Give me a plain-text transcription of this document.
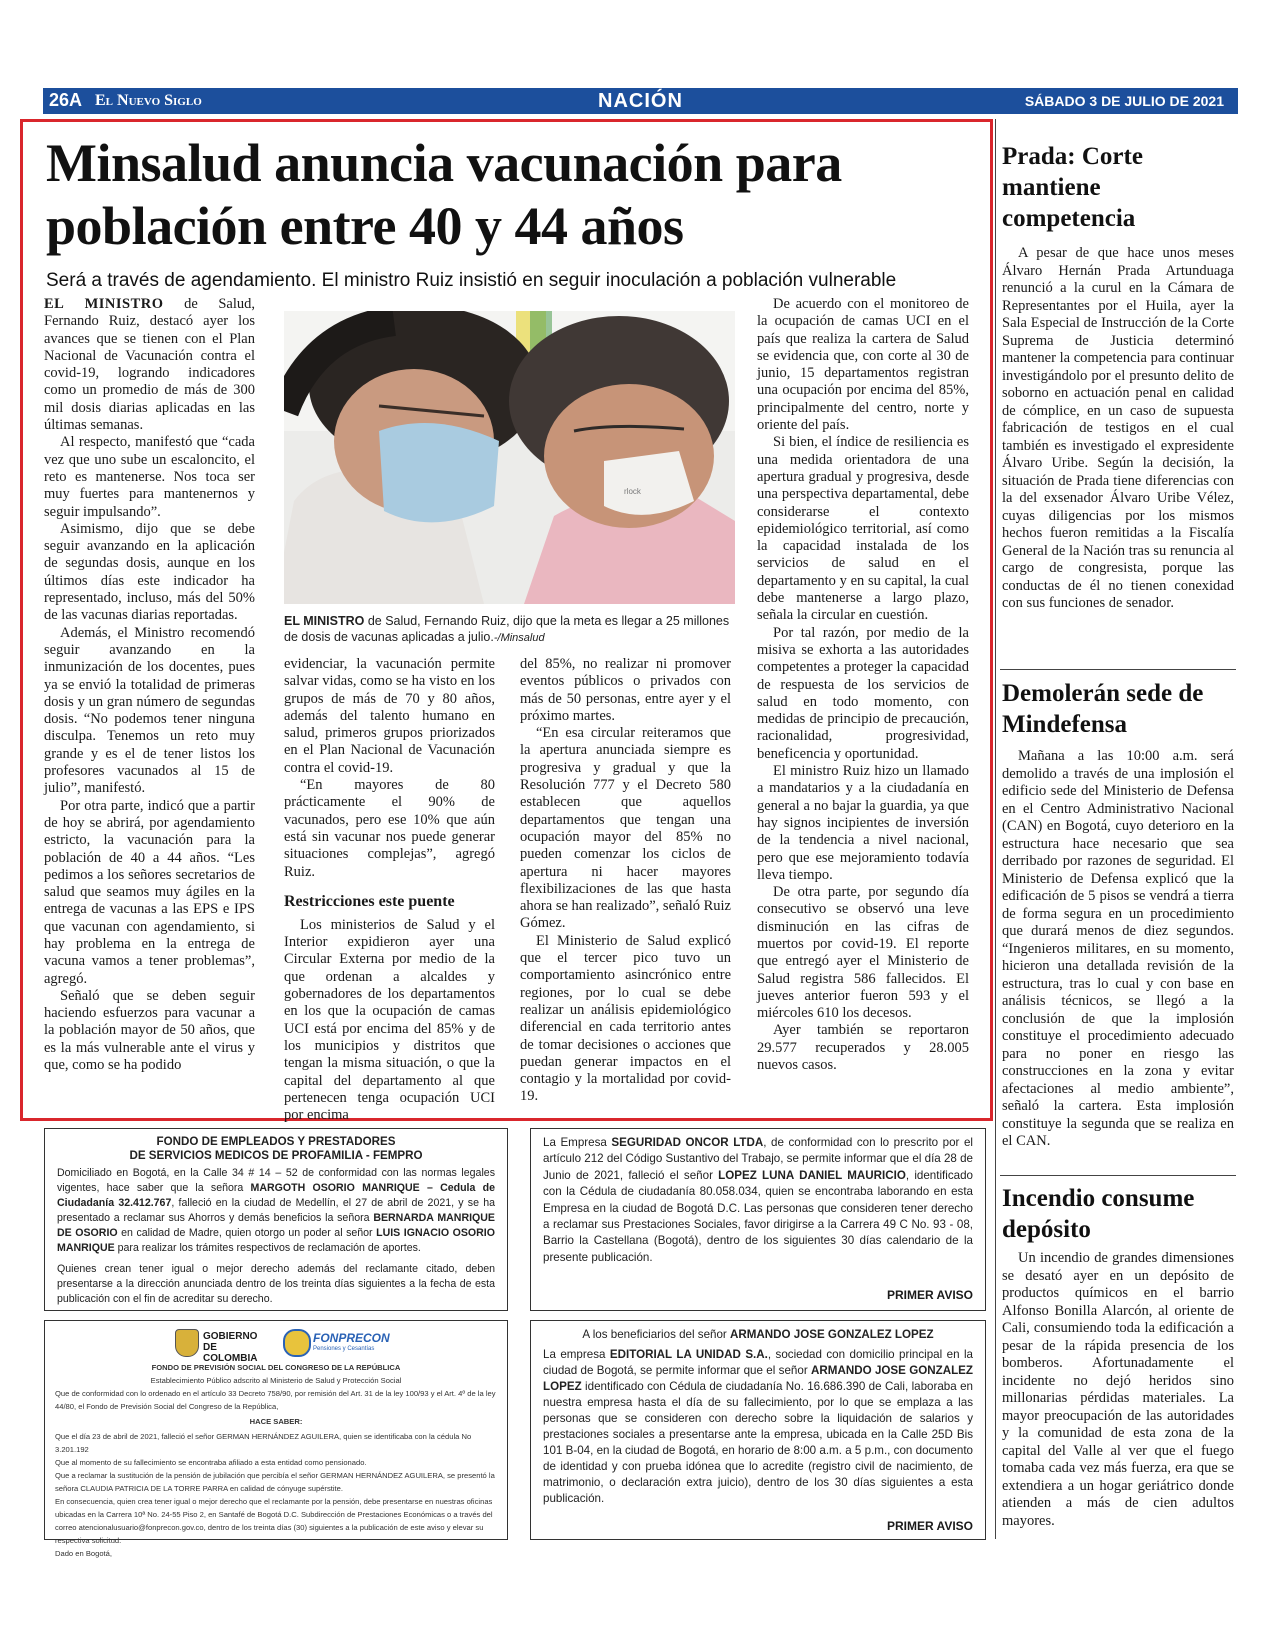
26A El Nuevo Siglo	NACIÓN	SÁBADO 3 DE JULIO DE 2021
Minsalud anuncia vacunación para población entre 40 y 44 años
Será a través de agendamiento. El ministro Ruiz insistió en seguir inoculación a población vulnerable

EL MINISTRO de Salud, Fernando Ruiz, destacó ayer los avances que se tienen con el Plan Nacional de Vacunación contra el covid-19, logrando indicadores como un promedio de más de 300 mil dosis diarias aplicadas en las últimas semanas.

Al respecto, manifestó que “cada vez que uno sube un escaloncito, el reto es mantenerse. Nos toca ser muy fuertes para mantenernos y seguir impulsando”.

Asimismo, dijo que se debe seguir avanzando en la aplicación de segundas dosis, aunque en los últimos días este indicador ha representado, incluso, más del 50% de las vacunas diarias reportadas.

Además, el Ministro recomendó seguir avanzando en la inmunización de los docentes, pues ya se envió la totalidad de primeras dosis y un gran número de segundas dosis. “No podemos tener ninguna disculpa. Tenemos un reto muy grande y es el de tener listos los profesores vacunados al 15 de julio”, manifestó.

Por otra parte, indicó que a partir de hoy se abrirá, por agendamiento estricto, la vacunación para la población de 40 a 44 años. “Les pedimos a los señores secretarios de salud que seamos muy ágiles en la entrega de vacunas a las EPS e IPS que vacunan con agendamiento, si hay problema en la entrega de vacuna vamos a tener problemas”, agregó.

Señaló que se deben seguir haciendo esfuerzos para vacunar a la población mayor de 50 años, que es la más vulnerable ante el virus y que, como se ha podido

rlock
EL MINISTRO de Salud, Fernando Ruiz, dijo que la meta es llegar a 25 millones de dosis de vacunas aplicadas a julio.-/Minsalud

evidenciar, la vacunación permite salvar vidas, como se ha visto en los grupos de más de 70 y 80 años, además del talento humano en salud, primeros grupos priorizados en el Plan Nacional de Vacunación contra el covid-19.

“En mayores de 80 prácticamente el 90% de vacunados, pero ese 10% que aún está sin vacunar nos puede generar situaciones complejas”, agregó Ruiz.

Restricciones este puente

Los ministerios de Salud y el Interior expidieron ayer una Circular Externa por medio de la que ordenan a alcaldes y gobernadores de los departamentos en los que la ocupación de camas UCI está por encima del 85% y de los municipios y distritos que tengan la misma situación, o que la capital del departamento al que pertenecen tenga ocupación UCI por encima

del 85%, no realizar ni promover eventos públicos o privados con más de 50 personas, entre ayer y el próximo martes.

“En esa circular reiteramos que la apertura anunciada siempre es progresiva y gradual y que la Resolución 777 y el Decreto 580 establecen que aquellos departamentos que tengan una ocupación mayor del 85% no pueden comenzar los ciclos de apertura ni hacer mayores flexibilizaciones de las que hasta ahora se han realizado”, señaló Ruiz Gómez.

El Ministerio de Salud explicó que el tercer pico tuvo un comportamiento asincrónico entre regiones, por lo cual se debe realizar un análisis epidemiológico diferencial en cada territorio antes de tomar decisiones o acciones que puedan generar impactos en el contagio y la mortalidad por covid-19.

De acuerdo con el monitoreo de la ocupación de camas UCI en el país que realiza la cartera de Salud se evidencia que, con corte al 30 de junio, 15 departamentos registran una ocupación por encima del 85%, principalmente del centro, norte y oriente del país.

Si bien, el índice de resiliencia es una medida orientadora de una apertura gradual y progresiva, desde una perspectiva departamental, debe considerarse el contexto epidemiológico territorial, así como la capacidad instalada de los servicios de salud en el departamento y en su capital, la cual debe mantenerse a largo plazo, señala la circular en cuestión.

Por tal razón, por medio de la misiva se exhorta a las autoridades competentes a proteger la capacidad de respuesta de los servicios de salud en todo momento, con medidas de principio de precaución, racionalidad, progresividad, beneficencia y oportunidad.

El ministro Ruiz hizo un llamado a mandatarios y a la ciudadanía en general a no bajar la guardia, ya que hay signos incipientes de inversión de la tendencia a nivel nacional, pero que ese mejoramiento todavía lleva tiempo.

De otra parte, por segundo día consecutivo se observó una leve disminución en las cifras de muertos por covid-19. El reporte que entregó ayer el Ministerio de Salud registra 586 fallecidos. El jueves anterior fueron 593 y el miércoles 610 los decesos.

Ayer también se reportaron 29.577 recuperados y 28.005 nuevos casos.

Prada: Corte mantiene competencia

A pesar de que hace unos meses Álvaro Hernán Prada Artunduaga renunció a la curul en la Cámara de Representantes por el Huila, ayer la Sala Especial de Instrucción de la Corte Suprema de Justicia determinó mantener la competencia para continuar investigándolo por el presunto delito de soborno en actuación penal en calidad de cómplice, en un caso de supuesta fabricación de testigos en el cual también es investigado el expresidente Álvaro Uribe. Según la decisión, la situación de Prada tiene diferencias con la del exsenador Álvaro Uribe Vélez, cuyas diligencias por los mismos hechos fueron remitidas a la Fiscalía General de la Nación tras su renuncia al cargo de congresista, porque las conductas de él no tienen conexidad con sus funciones de senador.

Demolerán sede de Mindefensa

Mañana a las 10:00 a.m. será demolido a través de una implosión el edificio sede del Ministerio de Defensa en el Centro Administrativo Nacional (CAN) en Bogotá, cuyo deterioro en la estructura hace necesario que sea derribado por razones de seguridad. El Ministerio de Defensa explicó que la edificación de 5 pisos se vendrá a tierra de forma segura en un procedimiento que durará menos de diez segundos. “Ingenieros militares, en su momento, hicieron una detallada revisión de la estructura, tras lo cual y con base en análisis técnicos, se llegó a la conclusión de que la implosión constituye el procedimiento adecuado para no poner en riesgo las construcciones en la zona y evitar afectaciones al medio ambiente”, señaló la cartera. Esta implosión constituye la segunda que se realiza en el CAN.

Incendio consume depósito

Un incendio de grandes dimensiones se desató ayer en un depósito de productos químicos en el barrio Alfonso Bonilla Alarcón, al oriente de Cali, consumiendo toda la edificación a pesar de la rápida presencia de los bomberos. Afortunadamente el incidente no dejó heridos sino millonarias pérdidas materiales. La mayor preocupación de las autoridades y la comunidad de esta zona de la capital del Valle al ver que el fuego tomaba cada vez más fuerza, era que se extendiera a un hogar geriátrico donde atienden a más de cien adultos mayores.

FONDO DE EMPLEADOS Y PRESTADORES
DE SERVICIOS MEDICOS DE PROFAMILIA - FEMPRO
Domiciliado en Bogotá, en la Calle 34 # 14 – 52 de conformidad con las normas legales vigentes, hace saber que la señora MARGOTH OSORIO MANRIQUE – Cedula de Ciudadanía 32.412.767, falleció en la ciudad de Medellín, el 27 de abril de 2021, y se ha presentado a reclamar sus Ahorros y demás beneficios la señora BERNARDA MANRIQUE DE OSORIO en calidad de Madre, quien otorgo un poder al señor LUIS IGNACIO OSORIO MANRIQUE para realizar los trámites respectivos de reclamación de aportes.
Quienes crean tener igual o mejor derecho además del reclamante citado, deben presentarse a la dirección anunciada dentro de los treinta días siguientes a la fecha de esta publicación con el fin de acreditar su derecho.
La Empresa SEGURIDAD ONCOR LTDA, de conformidad con lo prescrito por el artículo 212 del Código Sustantivo del Trabajo, se permite informar que el día 28 de Junio de 2021, falleció el señor LOPEZ LUNA DANIEL MAURICIO, identificado con la Cédula de ciudadanía 80.058.034, quien se encontraba laborando en esta Empresa en la ciudad de Bogotá D.C. Las personas que consideren tener derecho a reclamar sus Prestaciones Sociales, favor dirigirse a la Carrera 49 C No. 93 - 08, Barrio la Castellana (Bogotá), dentro de los siguientes 30 días calendario de la presente publicación.
PRIMER AVISO
GOBIERNO DE COLOMBIA
FONPRECON
Pensiones y Cesantías
FONDO DE PREVISIÓN SOCIAL DEL CONGRESO DE LA REPÚBLICA
Establecimiento Público adscrito al Ministerio de Salud y Protección Social
Que de conformidad con lo ordenado en el artículo 33 Decreto 758/90, por remisión del Art. 31 de la ley 100/93 y el Art. 4º de la ley 44/80, el Fondo de Previsión Social del Congreso de la República,
HACE SABER:
Que el día 23 de abril de 2021, falleció el señor GERMAN HERNÁNDEZ AGUILERA, quien se identificaba con la cédula No 3.201.192
Que al momento de su fallecimiento se encontraba afiliado a esta entidad como pensionado.
Que a reclamar la sustitución de la pensión de jubilación que percibía el señor GERMAN HERNÁNDEZ AGUILERA, se presentó la señora CLAUDIA PATRICIA DE LA TORRE PARRA en calidad de cónyuge supérstite.
En consecuencia, quien crea tener igual o mejor derecho que el reclamante por la pensión, debe presentarse en nuestras oficinas ubicadas en la Carrera 10ª No. 24-55 Piso 2, en Santafé de Bogotá D.C. Subdirección de Prestaciones Económicas o a través del correo atencionalusuario@fonprecon.gov.co, dentro de los treinta días (30) siguientes a la publicación de este aviso y elevar su respectiva solicitud.
Dado en Bogotá,
A los beneficiarios del señor ARMANDO JOSE GONZALEZ LOPEZ
La empresa EDITORIAL LA UNIDAD S.A., sociedad con domicilio principal en la ciudad de Bogotá, se permite informar que el señor ARMANDO JOSE GONZALEZ LOPEZ identificado con Cédula de ciudadanía No. 16.686.390 de Cali, laboraba en nuestra empresa hasta el día de su fallecimiento, por lo que se emplaza a las personas que se consideren con derecho sobre la liquidación de salarios y prestaciones sociales a presentarse ante la empresa, ubicada en la Calle 25D Bis 101 B-04, en la ciudad de Bogotá, en horario de 8:00 a.m. a 5 p.m., con documento de identidad y con prueba idónea que lo acredite (registro civil de nacimiento, de matrimonio, o declaración extra juicio), dentro de los 30 días siguientes a esta publicación.
PRIMER AVISO
